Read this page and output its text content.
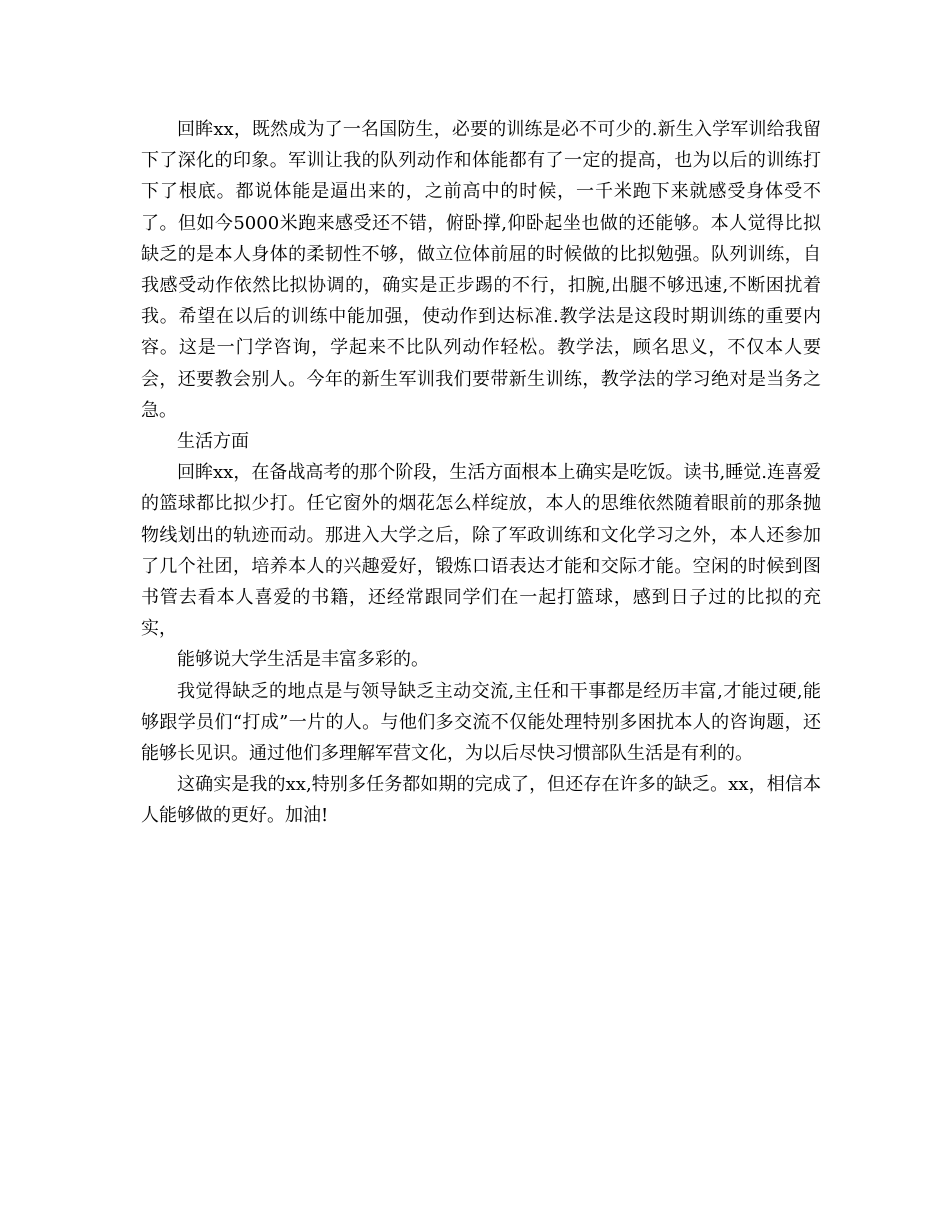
回眸xx，既然成为了一名国防生，必要的训练是必不可少的.新生入学军训给我留下了深化的印象。军训让我的队列动作和体能都有了一定的提高，也为以后的训练打下了根底。都说体能是逼出来的，之前高中的时候，一千米跑下来就感受身体受不了。但如今5000米跑来感受还不错，俯卧撑,仰卧起坐也做的还能够。本人觉得比拟缺乏的是本人身体的柔韧性不够，做立位体前屈的时候做的比拟勉强。队列训练，自我感受动作依然比拟协调的，确实是正步踢的不行，扣腕,出腿不够迅速,不断困扰着我。希望在以后的训练中能加强，使动作到达标准.教学法是这段时期训练的重要内容。这是一门学咨询，学起来不比队列动作轻松。教学法，顾名思义，不仅本人要会，还要教会别人。今年的新生军训我们要带新生训练，教学法的学习绝对是当务之急。

生活方面

回眸xx，在备战高考的那个阶段，生活方面根本上确实是吃饭。读书,睡觉.连喜爱的篮球都比拟少打。任它窗外的烟花怎么样绽放，本人的思维依然随着眼前的那条抛物线划出的轨迹而动。那进入大学之后，除了军政训练和文化学习之外，本人还参加了几个社团，培养本人的兴趣爱好，锻炼口语表达才能和交际才能。空闲的时候到图书管去看本人喜爱的书籍，还经常跟同学们在一起打篮球，感到日子过的比拟的充实，

能够说大学生活是丰富多彩的。

我觉得缺乏的地点是与领导缺乏主动交流,主任和干事都是经历丰富,才能过硬,能够跟学员们“打成”一片的人。与他们多交流不仅能处理特别多困扰本人的咨询题，还能够长见识。通过他们多理解军营文化，为以后尽快习惯部队生活是有利的。

这确实是我的xx,特别多任务都如期的完成了，但还存在许多的缺乏。xx，相信本人能够做的更好。加油!
